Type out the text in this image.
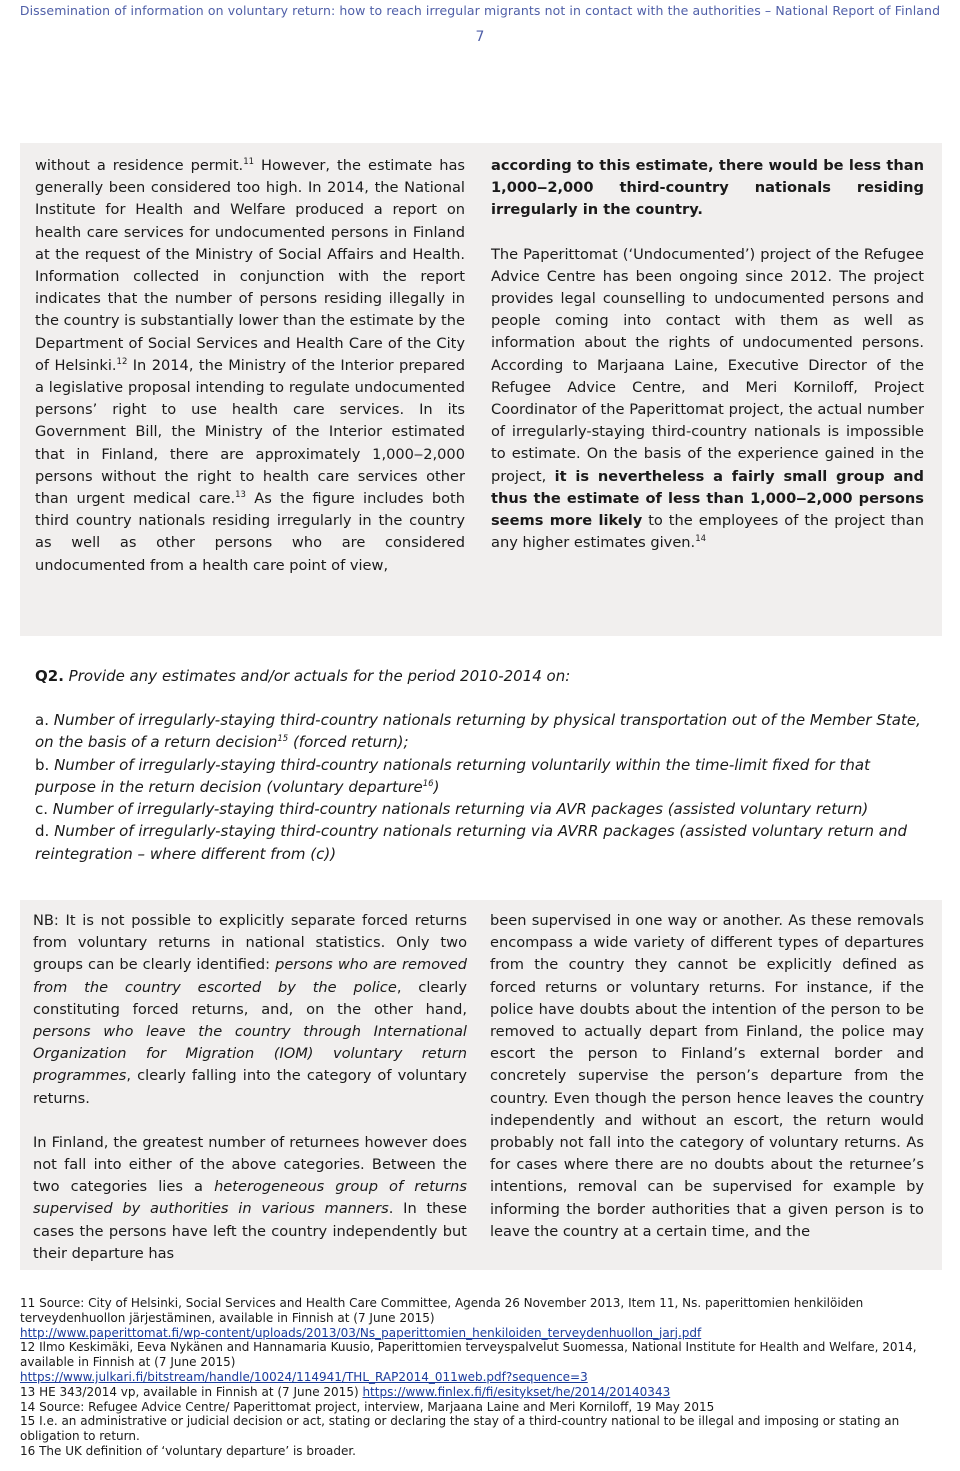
Dissemination of information on voluntary return: how to reach irregular migrants not in contact with the authorities – National Report of Finland
7

without a residence permit.$^{11}$ However, the estimate has generally been considered too high. In 2014, the National Institute for Health and Welfare produced a report on health care services for undocumented persons in Finland at the request of the Ministry of Social Affairs and Health. Information collected in conjunction with the report indicates that the number of persons residing illegally in the country is substantially lower than the estimate by the Department of Social Services and Health Care of the City of Helsinki.$^{12}$ In 2014, the Ministry of the Interior prepared a legislative proposal intending to regulate undocumented persons’ right to use health care services. In its Government Bill, the Ministry of the Interior estimated that in Finland, there are approximately 1,000‒2,000 persons without the right to health care services other than urgent medical care.$^{13}$ As the figure includes both third country nationals residing irregularly in the country as well as other persons who are considered undocumented from a health care point of view,

according to this estimate, there would be less than 1,000‒2,000 third-country nationals residing irregularly in the country.

The Paperittomat (‘Undocumented’) project of the Refugee Advice Centre has been ongoing since 2012. The project provides legal counselling to undocumented persons and people coming into contact with them as well as information about the rights of undocumented persons. According to Marjaana Laine, Executive Director of the Refugee Advice Centre, and Meri Korniloff, Project Coordinator of the Paperittomat project, the actual number of irregularly-staying third-country nationals is impossible to estimate. On the basis of the experience gained in the project, it is nevertheless a fairly small group and thus the estimate of less than 1,000‒2,000 persons seems more likely to the employees of the project than any higher estimates given.$^{14}$

Q2. Provide any estimates and/or actuals for the period 2010-2014 on:
a. Number of irregularly-staying third-country nationals returning by physical transportation out of the Member State, on the basis of a return decision$^{15}$ (forced return);
b. Number of irregularly-staying third-country nationals returning voluntarily within the time-limit fixed for that purpose in the return decision (voluntary departure$^{16}$)
c. Number of irregularly-staying third-country nationals returning via AVR packages (assisted voluntary return)
d. Number of irregularly-staying third-country nationals returning via AVRR packages (assisted voluntary return and reintegration – where different from (c))

NB: It is not possible to explicitly separate forced returns from voluntary returns in national statistics. Only two groups can be clearly identified: persons who are removed from the country escorted by the police, clearly constituting forced returns, and, on the other hand, persons who leave the country through International Organization for Migration (IOM) voluntary return programmes, clearly falling into the category of voluntary returns.

In Finland, the greatest number of returnees however does not fall into either of the above categories. Between the two categories lies a heterogeneous group of returns supervised by authorities in various manners. In these cases the persons have left the country independently but their departure has

been supervised in one way or another. As these removals encompass a wide variety of different types of departures from the country they cannot be explicitly defined as forced returns or voluntary returns. For instance, if the police have doubts about the intention of the person to be removed to actually depart from Finland, the police may escort the person to Finland’s external border and concretely supervise the person’s departure from the country. Even though the person hence leaves the country independently and without an escort, the return would probably not fall into the category of voluntary returns. As for cases where there are no doubts about the returnee’s intentions, removal can be supervised for example by informing the border authorities that a given person is to leave the country at a certain time, and the

11 Source: City of Helsinki, Social Services and Health Care Committee, Agenda 26 November 2013, Item 11, Ns. paperittomien henkilöiden terveydenhuollon järjestäminen, available in Finnish at (7 June 2015)
http://www.paperittomat.fi/wp-content/uploads/2013/03/Ns_paperittomien_henkiloiden_terveydenhuollon_jarj.pdf
12 Ilmo Keskimäki, Eeva Nykänen and Hannamaria Kuusio, Paperittomien terveyspalvelut Suomessa, National Institute for Health and Welfare, 2014, available in Finnish at (7 June 2015)
https://www.julkari.fi/bitstream/handle/10024/114941/THL_RAP2014_011web.pdf?sequence=3
13 HE 343/2014 vp, available in Finnish at (7 June 2015) https://www.finlex.fi/fi/esitykset/he/2014/20140343
14 Source: Refugee Advice Centre/ Paperittomat project, interview, Marjaana Laine and Meri Korniloff, 19 May 2015
15 I.e. an administrative or judicial decision or act, stating or declaring the stay of a third-country national to be illegal and imposing or stating an obligation to return.
16 The UK definition of ‘voluntary departure’ is broader.
